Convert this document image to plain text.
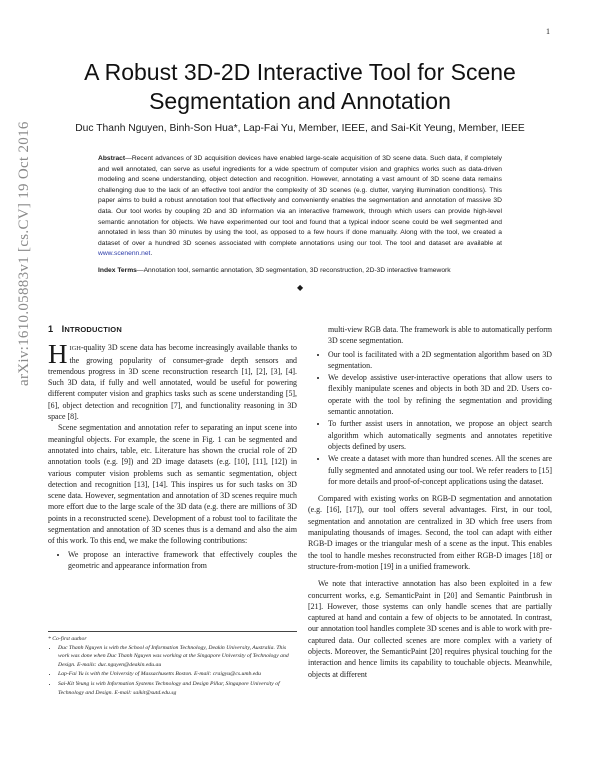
1
arXiv:1610.05883v1 [cs.CV] 19 Oct 2016
A Robust 3D-2D Interactive Tool for Scene
Segmentation and Annotation
Duc Thanh Nguyen, Binh-Son Hua*, Lap-Fai Yu, Member, IEEE, and Sai-Kit Yeung, Member, IEEE
Abstract—Recent advances of 3D acquisition devices have enabled large-scale acquisition of 3D scene data. Such data, if completely and well annotated, can serve as useful ingredients for a wide spectrum of computer vision and graphics works such as data-driven modeling and scene understanding, object detection and recognition. However, annotating a vast amount of 3D scene data remains challenging due to the lack of an effective tool and/or the complexity of 3D scenes (e.g. clutter, varying illumination conditions). This paper aims to build a robust annotation tool that effectively and conveniently enables the segmentation and annotation of massive 3D data. Our tool works by coupling 2D and 3D information via an interactive framework, through which users can provide high-level semantic annotation for objects. We have experimented our tool and found that a typical indoor scene could be well segmented and annotated in less than 30 minutes by using the tool, as opposed to a few hours if done manually. Along with the tool, we created a dataset of over a hundred 3D scenes associated with complete annotations using our tool. The tool and dataset are available at www.scenenn.net.
Index Terms—Annotation tool, semantic annotation, 3D segmentation, 3D reconstruction, 2D-3D interactive framework
◆
1 INTRODUCTION

HIGH-quality 3D scene data has become increasingly available thanks to the growing popularity of consumer-grade depth sensors and tremendous progress in 3D scene reconstruction research [1], [2], [3], [4]. Such 3D data, if fully and well annotated, would be useful for powering different computer vision and graphics tasks such as scene understanding [5], [6], object detection and recognition [7], and functionality reasoning in 3D space [8].

Scene segmentation and annotation refer to separating an input scene into meaningful objects. For example, the scene in Fig. 1 can be segmented and annotated into chairs, table, etc. Literature has shown the crucial role of 2D annotation tools (e.g. [9]) and 2D image datasets (e.g. [10], [11], [12]) in various computer vision problems such as semantic segmentation, object detection and recognition [13], [14]. This inspires us for such tasks on 3D scene data. However, segmentation and annotation of 3D scenes require much more effort due to the large scale of the 3D data (e.g. there are millions of 3D points in a reconstructed scene). Development of a robust tool to facilitate the segmentation and annotation of 3D scenes thus is a demand and also the aim of this work. To this end, we make the following contributions:

• We propose an interactive framework that effectively couples the geometric and appearance information from
* Co-first author
• Duc Thanh Nguyen is with the School of Information Technology, Deakin University, Australia. This work was done when Duc Thanh Nguyen was working at the Singapore University of Technology and Design. E-mails: duc.nguyen@deakin.edu.au
• Lap-Fai Yu is with the University of Massachusetts Boston. E-mail: craigyu@cs.umb.edu
• Sai-Kit Yeung is with Information Systems Technology and Design Pillar, Singapore University of Technology and Design. E-mail: saikit@sutd.edu.sg

multi-view RGB data. The framework is able to automatically perform 3D scene segmentation.

• Our tool is facilitated with a 2D segmentation algorithm based on 3D segmentation.
• We develop assistive user-interactive operations that allow users to flexibly manipulate scenes and objects in both 3D and 2D. Users co-operate with the tool by refining the segmentation and providing semantic annotation.
• To further assist users in annotation, we propose an object search algorithm which automatically segments and annotates repetitive objects defined by users.
• We create a dataset with more than hundred scenes. All the scenes are fully segmented and annotated using our tool. We refer readers to [15] for more details and proof-of-concept applications using the dataset.

Compared with existing works on RGB-D segmentation and annotation (e.g. [16], [17]), our tool offers several advantages. First, in our tool, segmentation and annotation are centralized in 3D which free users from manipulating thousands of images. Second, the tool can adapt with either RGB-D images or the triangular mesh of a scene as the input. This enables the tool to handle meshes reconstructed from either RGB-D images [18] or structure-from-motion [19] in a unified framework.

We note that interactive annotation has also been exploited in a few concurrent works, e.g. SemanticPaint in [20] and Semantic Paintbrush in [21]. However, those systems can only handle scenes that are partially captured at hand and contain a few of objects to be annotated. In contrast, our annotation tool handles complete 3D scenes and is able to work with pre-captured data. Our collected scenes are more complex with a variety of objects. Moreover, the SemanticPaint [20] requires physical touching for the interaction and hence limits its capability to touchable objects. Meanwhile, objects at different
